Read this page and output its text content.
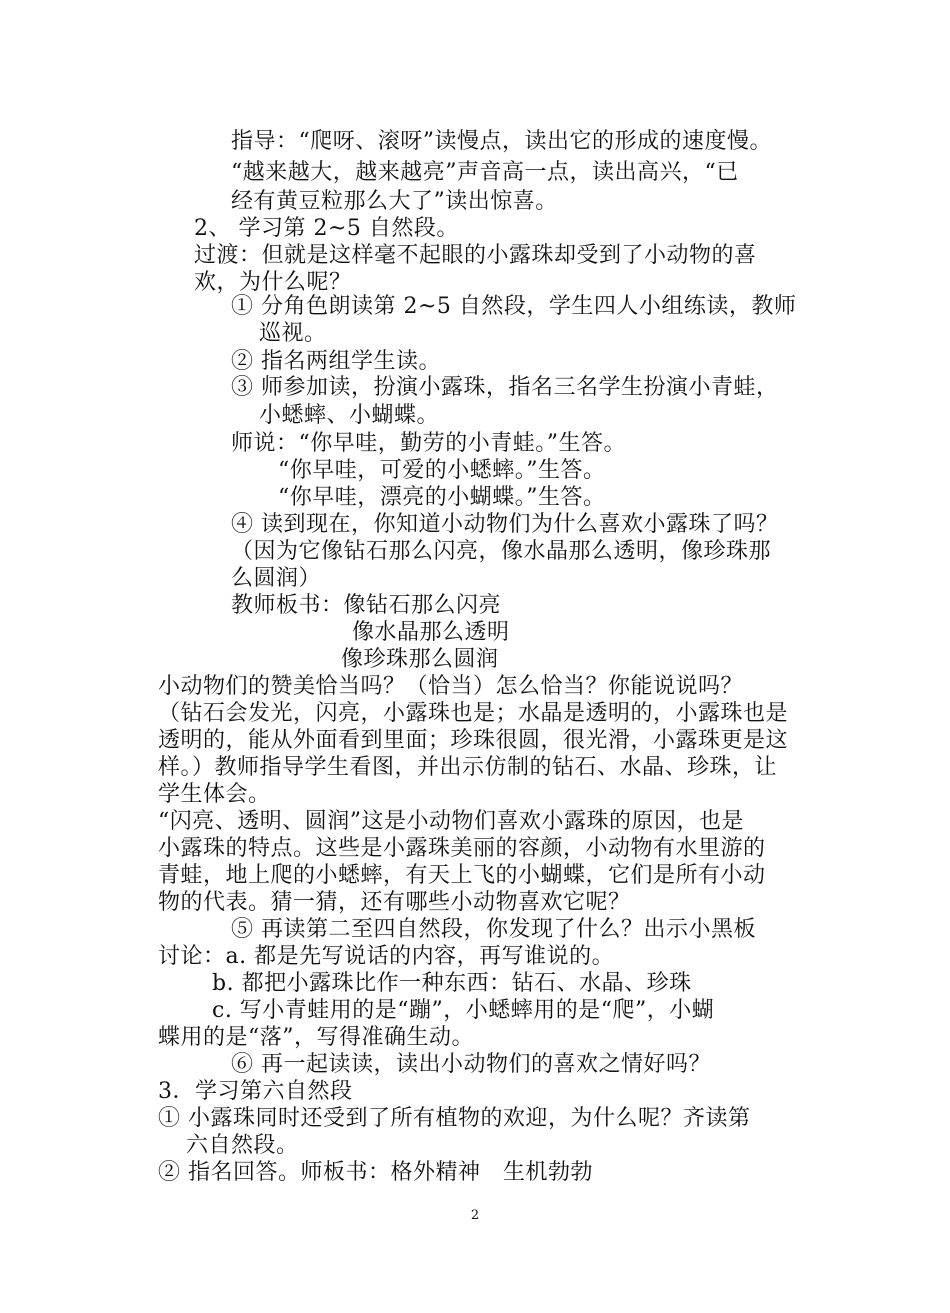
指导：“爬呀、滚呀”读慢点，读出它的形成的速度慢。
“越来越大，越来越亮”声音高一点，读出高兴，“已
经有黄豆粒那么大了”读出惊喜。
2、 学习第 2~5 自然段。
过渡：但就是这样毫不起眼的小露珠却受到了小动物的喜
欢，为什么呢？
① 分角色朗读第 2~5 自然段，学生四人小组练读，教师
巡视。
② 指名两组学生读。
③ 师参加读，扮演小露珠，指名三名学生扮演小青蛙，
小蟋蟀、小蝴蝶。
师说：“你早哇，勤劳的小青蛙。”生答。
“你早哇，可爱的小蟋蟀。”生答。
“你早哇，漂亮的小蝴蝶。”生答。
④ 读到现在，你知道小动物们为什么喜欢小露珠了吗？
（因为它像钻石那么闪亮，像水晶那么透明，像珍珠那
么圆润）
教师板书：像钻石那么闪亮
像水晶那么透明
像珍珠那么圆润
小动物们的赞美恰当吗？（恰当）怎么恰当？你能说说吗？
（钻石会发光，闪亮，小露珠也是；水晶是透明的，小露珠也是
透明的，能从外面看到里面；珍珠很圆，很光滑，小露珠更是这
样。）教师指导学生看图，并出示仿制的钻石、水晶、珍珠，让
学生体会。
“闪亮、透明、圆润”这是小动物们喜欢小露珠的原因，也是
小露珠的特点。这些是小露珠美丽的容颜，小动物有水里游的
青蛙，地上爬的小蟋蟀，有天上飞的小蝴蝶，它们是所有小动
物的代表。猜一猜，还有哪些小动物喜欢它呢？
⑤ 再读第二至四自然段，你发现了什么？出示小黑板
讨论：a. 都是先写说话的内容，再写谁说的。
b. 都把小露珠比作一种东西：钻石、水晶、珍珠
c. 写小青蛙用的是“蹦”，小蟋蟀用的是“爬”，小蝴
蝶用的是“落”，写得准确生动。
⑥ 再一起读读，读出小动物们的喜欢之情好吗？
3．学习第六自然段
① 小露珠同时还受到了所有植物的欢迎，为什么呢？齐读第
六自然段。
② 指名回答。师板书：格外精神　生机勃勃
2
